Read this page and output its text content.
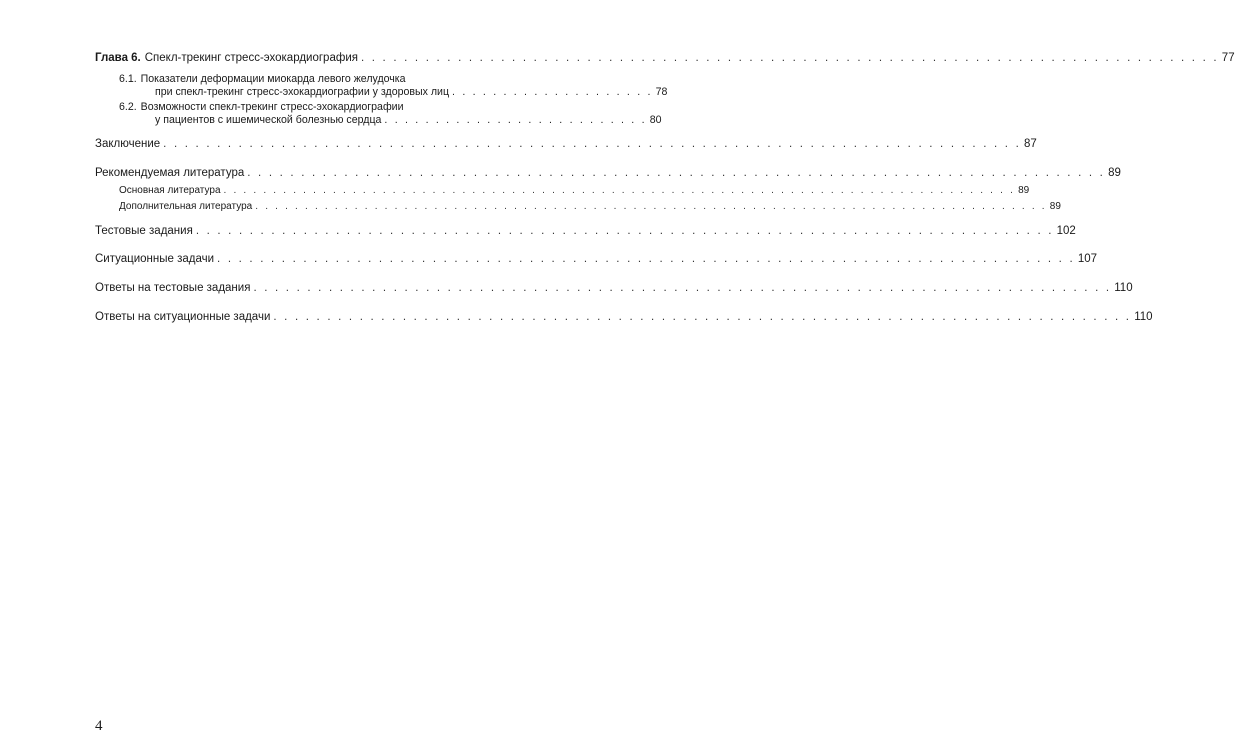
Глава 6. Спекл-трекинг стресс-эхокардиография . . .	77
6.1. Показатели деформации миокарда левого желудочка
при спекл-трекинг стресс-эхокардиографии у здоровых лиц . . . . . . . . . . . . . . . . . . . . 78
6.2. Возможности спекл-трекинг стресс-эхокардиографии
у пациентов с ишемической болезнью сердца . . . . . . . . . . . . . . . . . . . . . . . . . . 80
Заключение . . .	87
Рекомендуемая литература . . .	89
Основная литература . . .	89
Дополнительная литература . . .	89
Тестовые задания . . .	102
Ситуационные задачи . . .	107
Ответы на тестовые задания . . .	110
Ответы на ситуационные задачи . . .	110
4
